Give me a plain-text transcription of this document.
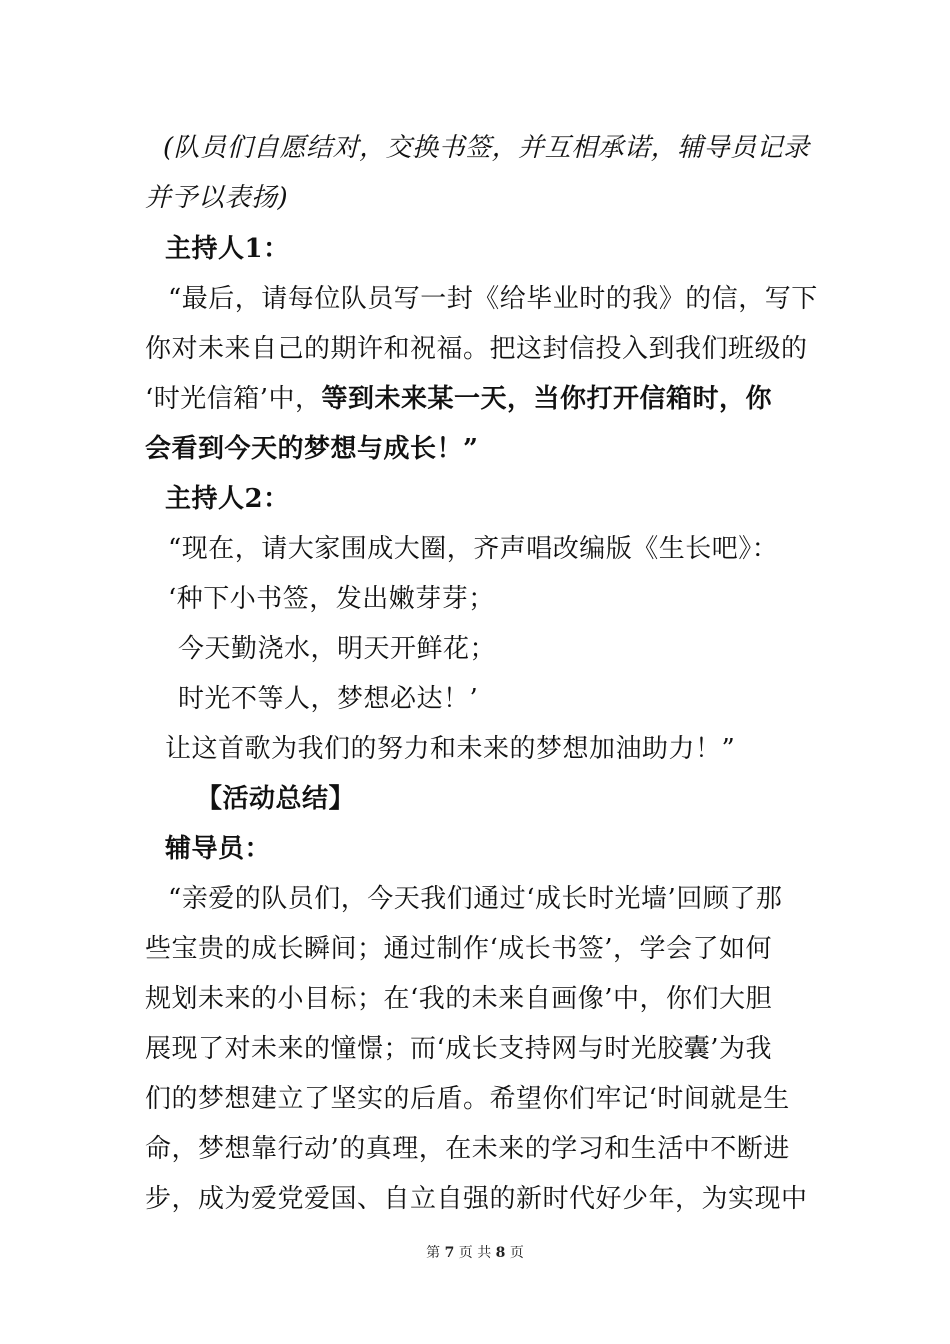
(队员们自愿结对，交换书签，并互相承诺，辅导员记录
并予以表扬)
主持人1：
“最后，请每位队员写一封《给毕业时的我》的信，写下
你对未来自己的期许和祝福。把这封信投入到我们班级的
‘时光信箱’中，等到未来某一天，当你打开信箱时，你
会看到今天的梦想与成长！”
主持人2：
“现在，请大家围成大圈，齐声唱改编版《生长吧》：
‘种下小书签，发出嫩芽芽；
今天勤浇水，明天开鲜花；
时光不等人，梦想必达！’
让这首歌为我们的努力和未来的梦想加油助力！”
【活动总结】
辅导员：
“亲爱的队员们，今天我们通过‘成长时光墙’回顾了那
些宝贵的成长瞬间；通过制作‘成长书签’，学会了如何
规划未来的小目标；在‘我的未来自画像’中，你们大胆
展现了对未来的憧憬；而‘成长支持网与时光胶囊’为我
们的梦想建立了坚实的后盾。希望你们牢记‘时间就是生
命，梦想靠行动’的真理，在未来的学习和生活中不断进
步，成为爱党爱国、自立自强的新时代好少年，为实现中
第 7 页 共 8 页
